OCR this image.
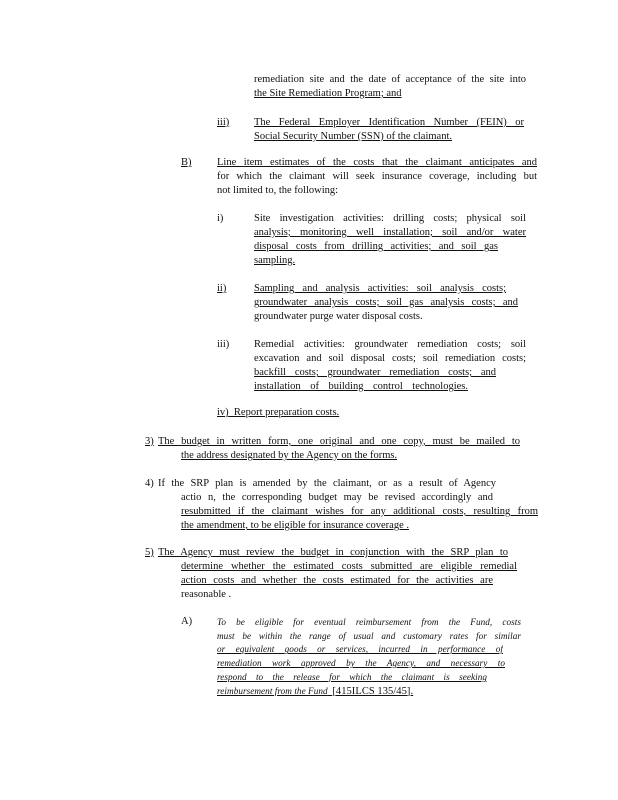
remediation site and the date of acceptance of the site into
the Site Remediation Program; and
iii) The Federal Employer Identification Number (FEIN) or
Social Security Number (SSN) of the claimant.
B) Line item estimates of the costs that the claimant anticipates and
for which the claimant will seek insurance coverage, including but
not limited to, the following:
i)	Site investigation activities: drilling costs; physical soil
analysis; monitoring well installation; soil and/or water
disposal costs from drilling activities; and soil gas
sampling.
ii)	Sampling and analysis activities: soil analysis costs;
groundwater analysis costs; soil gas analysis costs; and
groundwater purge water disposal costs.
iii) Remedial activities: groundwater remediation costs; soil
excavation and soil disposal costs; soil remediation costs;
backfill costs; groundwater remediation costs; and
installation of building control technologies.
iv) Report preparation costs.
3) The budget in written form, one original and one copy, must be mailed to
the address designated by the Agency on the forms.
4) If the SRP plan is amended by the claimant, or as a result of Agency
actio n, the corresponding budget may be revised accordingly and
resubmitted if the claimant wishes for any additional costs, resulting from
the amendment, to be eligible for insurance coverage .
5) The Agency must review the budget in conjunction with the SRP plan to
determine whether the estimated costs submitted are eligible remedial
action costs and whether the costs estimated for the activities are
reasonable .
A)	To be eligible for eventual reimbursement from the Fund, costs
must be within the range of usual and customary rates for similar
or equivalent goods or services, incurred in performance of
remediation work approved by the Agency, and necessary to
respond to the release for which the claimant is seeking
reimbursement from the Fund [415ILCS 135/45].
